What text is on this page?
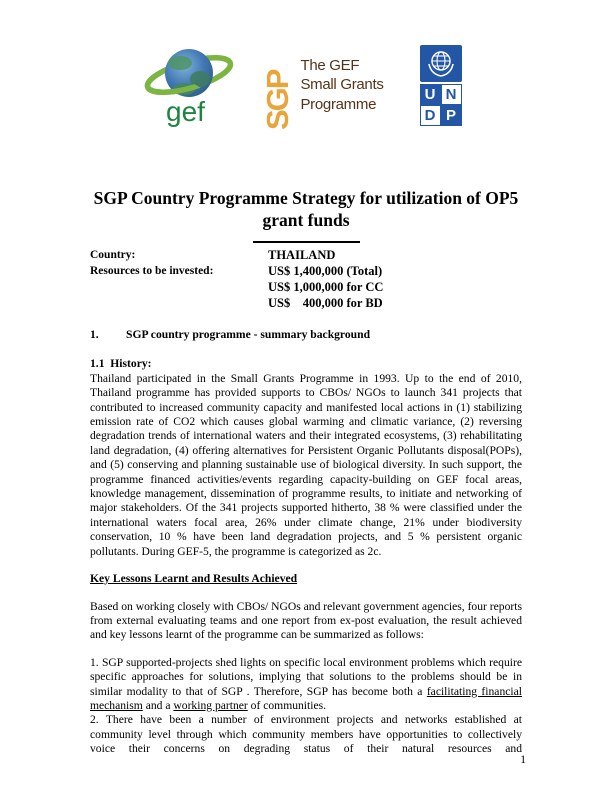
gef SGP
The GEF
Small Grants
Programme
U N
D P
SGP Country Programme Strategy for utilization of OP5 grant funds
Country:	THAILAND
Resources to be invested:	US$ 1,400,000 (Total)
US$ 1,000,000 for CC
US$    400,000 for BD
1.	SGP country programme - summary background
1.1  History:

Thailand participated in the Small Grants Programme in 1993. Up to the end of 2010, Thailand programme has provided supports to CBOs/ NGOs to launch 341 projects that contributed to increased community capacity and manifested local actions in (1) stabilizing emission rate of CO2 which causes global warming and climatic variance, (2) reversing degradation trends of international waters and their integrated ecosystems, (3) rehabilitating land degradation, (4) offering alternatives for Persistent Organic Pollutants disposal(POPs), and (5) conserving and planning sustainable use of biological diversity. In such support, the programme financed activities/events regarding capacity-building on GEF focal areas, knowledge management, dissemination of programme results, to initiate and networking of major stakeholders. Of the 341 projects supported hitherto, 38 % were classified under the international waters focal area, 26% under climate change, 21% under biodiversity conservation, 10 % have been land degradation projects, and 5 % persistent organic pollutants. During GEF-5, the programme is categorized as 2c.

Key Lessons Learnt and Results Achieved

Based on working closely with CBOs/ NGOs and relevant government agencies, four reports from external evaluating teams and one report from ex-post evaluation, the result achieved and key lessons learnt of the programme can be summarized as follows:

1. SGP supported-projects shed lights on specific local environment problems which require specific approaches for solutions, implying that solutions to the problems should be in similar modality to that of SGP . Therefore, SGP has become both a facilitating financial mechanism and a working partner of communities.

2. There have been a number of environment projects and networks established at community level through which community members have opportunities to collectively voice their concerns on degrading status of their natural resources and

1
